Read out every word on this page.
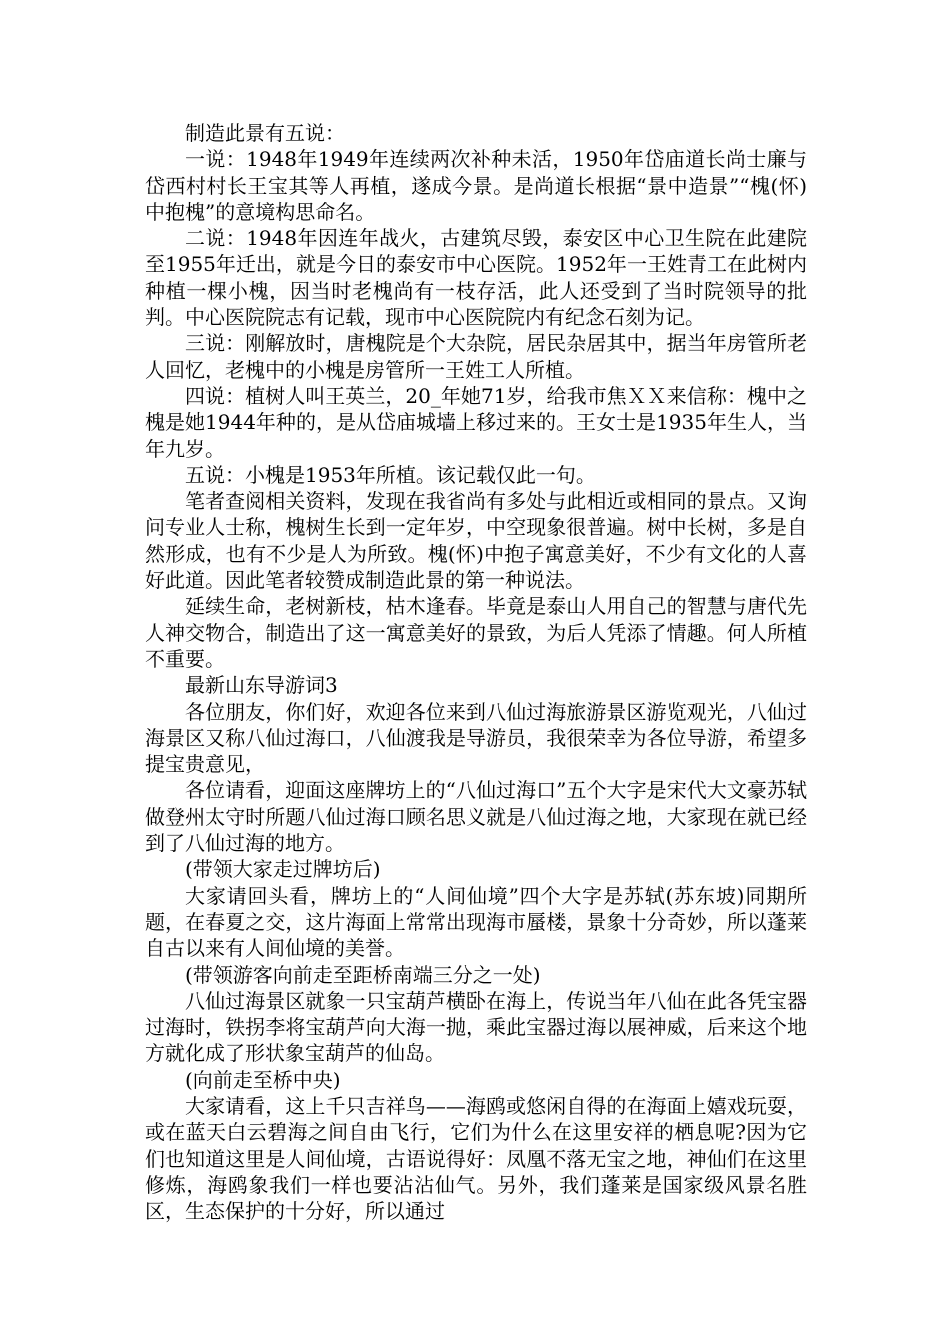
制造此景有五说：

一说：1948年1949年连续两次补种未活，1950年岱庙道长尚士廉与岱西村村长王宝其等人再植，遂成今景。是尚道长根据“景中造景”“槐(怀)中抱槐”的意境构思命名。

二说：1948年因连年战火，古建筑尽毁，泰安区中心卫生院在此建院至1955年迁出，就是今日的泰安市中心医院。1952年一王姓青工在此树内种植一棵小槐，因当时老槐尚有一枝存活，此人还受到了当时院领导的批判。中心医院院志有记载，现市中心医院院内有纪念石刻为记。

三说：刚解放时，唐槐院是个大杂院，居民杂居其中，据当年房管所老人回忆，老槐中的小槐是房管所一王姓工人所植。

四说：植树人叫王英兰，20_年她71岁，给我市焦ＸＸ来信称：槐中之槐是她1944年种的，是从岱庙城墙上移过来的。王女士是1935年生人，当年九岁。

五说：小槐是1953年所植。该记载仅此一句。

笔者查阅相关资料，发现在我省尚有多处与此相近或相同的景点。又询问专业人士称，槐树生长到一定年岁，中空现象很普遍。树中长树，多是自然形成，也有不少是人为所致。槐(怀)中抱子寓意美好，不少有文化的人喜好此道。因此笔者较赞成制造此景的第一种说法。

延续生命，老树新枝，枯木逢春。毕竟是泰山人用自己的智慧与唐代先人神交物合，制造出了这一寓意美好的景致，为后人凭添了情趣。何人所植不重要。

最新山东导游词3

各位朋友，你们好，欢迎各位来到八仙过海旅游景区游览观光，八仙过海景区又称八仙过海口，八仙渡我是导游员，我很荣幸为各位导游，希望多提宝贵意见，

各位请看，迎面这座牌坊上的“八仙过海口”五个大字是宋代大文豪苏轼做登州太守时所题八仙过海口顾名思义就是八仙过海之地，大家现在就已经到了八仙过海的地方。

(带领大家走过牌坊后)

大家请回头看，牌坊上的“人间仙境”四个大字是苏轼(苏东坡)同期所题，在春夏之交，这片海面上常常出现海市蜃楼，景象十分奇妙，所以蓬莱自古以来有人间仙境的美誉。

(带领游客向前走至距桥南端三分之一处)

八仙过海景区就象一只宝葫芦横卧在海上，传说当年八仙在此各凭宝器过海时，铁拐李将宝葫芦向大海一抛，乘此宝器过海以展神威，后来这个地方就化成了形状象宝葫芦的仙岛。

(向前走至桥中央)

大家请看，这上千只吉祥鸟——海鸥或悠闲自得的在海面上嬉戏玩耍，或在蓝天白云碧海之间自由飞行，它们为什么在这里安祥的栖息呢?因为它们也知道这里是人间仙境，古语说得好：凤凰不落无宝之地，神仙们在这里修炼，海鸥象我们一样也要沾沾仙气。另外，我们蓬莱是国家级风景名胜区，生态保护的十分好，所以通过
